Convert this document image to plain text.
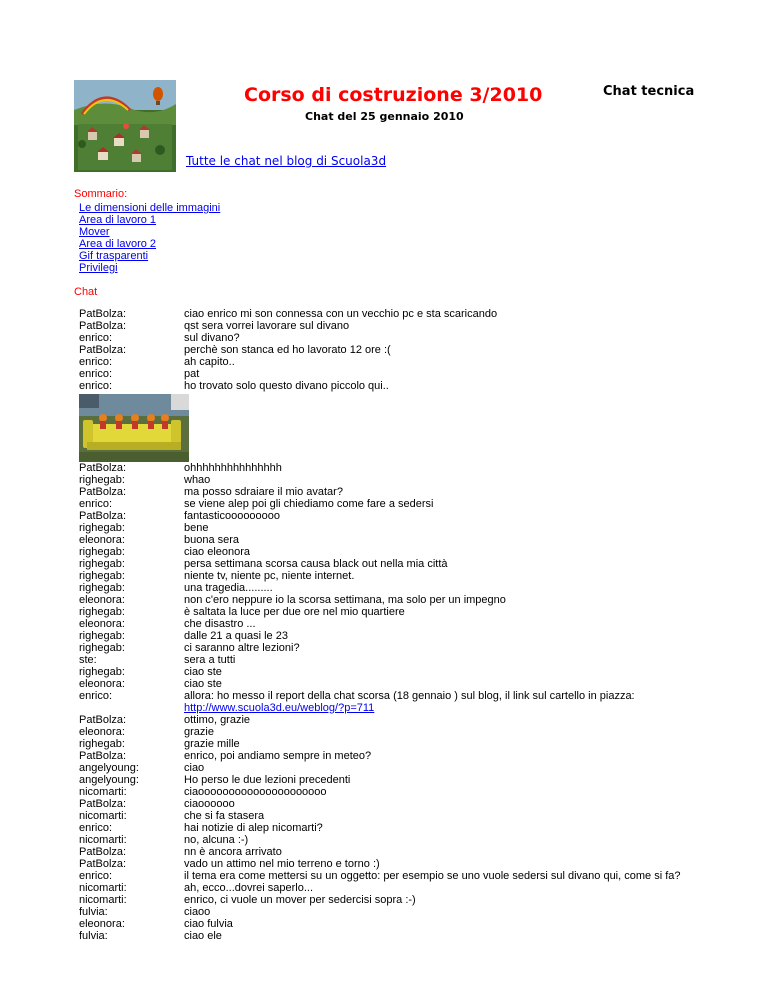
Corso di costruzione 3/2010	Chat tecnica

Chat del 25 gennaio 2010

Tutte le chat nel blog di Scuola3d
Sommario:
Le dimensioni delle immagini
Area di lavoro 1
Mover
Area di lavoro 2
Gif trasparenti
Privilegi
Chat
PatBolza:	ciao enrico mi son connessa con un vecchio pc e sta scaricando
PatBolza:	qst sera vorrei lavorare sul divano
enrico:	sul divano?
PatBolza:	perchè son stanca ed ho lavorato 12 ore :(
enrico:	ah capito..
enrico:	pat
enrico:	ho trovato solo questo divano piccolo qui..
PatBolza:	ohhhhhhhhhhhhhhh
righegab:	whao
PatBolza:	ma posso sdraiare il mio avatar?
enrico:	se viene alep poi gli chiediamo come fare a sedersi
PatBolza:	fantasticooooooooo
righegab:	bene
eleonora:	buona sera
righegab:	ciao eleonora
righegab:	persa settimana scorsa causa black out nella mia città
righegab:	niente tv, niente pc, niente internet.
righegab:	una tragedia.........
eleonora:	non c'ero neppure io la scorsa settimana, ma solo per un impegno
righegab:	è saltata la luce per due ore nel mio quartiere
eleonora:	che disastro ...
righegab:	dalle 21 a quasi le 23
righegab:	ci saranno altre lezioni?
ste:	sera a tutti
righegab:	ciao ste
eleonora:	ciao ste
enrico:	allora: ho messo il report della chat scorsa (18 gennaio ) sul blog, il link sul cartello in piazza:
http://www.scuola3d.eu/weblog/?p=711
PatBolza:	ottimo, grazie
eleonora:	grazie
righegab:	grazie mille
PatBolza:	enrico, poi andiamo sempre in meteo?
angelyoung:	ciao
angelyoung:	Ho perso le due lezioni precedenti
nicomarti:	ciaooooooooooooooooooooo
PatBolza:	ciaoooooo
nicomarti:	che si fa stasera
enrico:	hai notizie di alep nicomarti?
nicomarti:	no, alcuna :-)
PatBolza:	nn è ancora arrivato
PatBolza:	vado un attimo nel mio terreno e torno :)
enrico:	il tema era come mettersi su un oggetto: per esempio se uno vuole sedersi sul divano qui, come si fa?
nicomarti:	ah, ecco...dovrei saperlo...
nicomarti:	enrico, ci vuole un mover per sedercisi sopra :-)
fulvia:	ciaoo
eleonora:	ciao fulvia
fulvia:	ciao ele
